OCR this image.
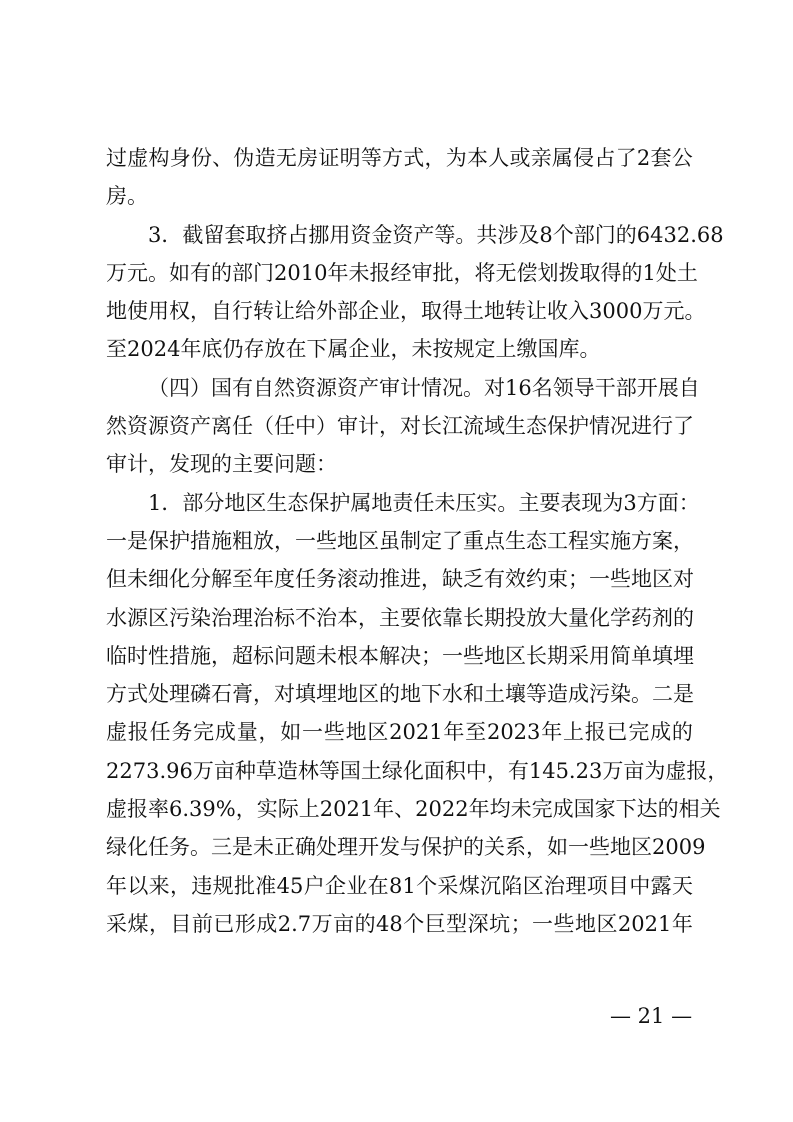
过 虚 构 身 份 、 伪 造 无 房 证 明 等 方 式 ， 为 本 人 或 亲 属 侵 占 了 2 套 公
房。
3 ． 截 留 套 取 挤 占 挪 用 资 金 资 产 等 。 共 涉 及 8 个 部 门 的 6432.68
万 元 。 如 有 的 部 门 2010 年 未 报 经 审 批 ， 将 无 偿 划 拨 取 得 的 1 处 土
地 使 用 权 ， 自 行 转 让 给 外 部 企 业 ， 取 得 土 地 转 让 收 入 3000 万 元 。
至2024年底仍存放在下属企业，未按规定上缴国库。
（ 四 ） 国 有 自 然 资 源 资 产 审 计 情 况 。 对 16 名 领 导 干 部 开 展 自
然 资 源 资 产 离 任 （ 任 中 ） 审 计 ， 对 长 江 流 域 生 态 保 护 情 况 进 行 了
审计，发现的主要问题：
1 ． 部 分 地 区 生 态 保 护 属 地 责 任 未 压 实 。 主 要 表 现 为 3 方 面 ：
一 是 保 护 措 施 粗 放 ， 一 些 地 区 虽 制 定 了 重 点 生 态 工 程 实 施 方 案 ，
但 未 细 化 分 解 至 年 度 任 务 滚 动 推 进 ， 缺 乏 有 效 约 束 ； 一 些 地 区 对
水 源 区 污 染 治 理 治 标 不 治 本 ， 主 要 依 靠 长 期 投 放 大 量 化 学 药 剂 的
临 时 性 措 施 ， 超 标 问 题 未 根 本 解 决 ； 一 些 地 区 长 期 采 用 简 单 填 埋
方 式 处 理 磷 石 膏 ， 对 填 埋 地 区 的 地 下 水 和 土 壤 等 造 成 污 染 。 二 是
虚 报 任 务 完 成 量 ， 如 一 些 地 区 2021 年 至 2023 年 上 报 已 完 成 的
2273.96 万 亩 种 草 造 林 等 国 土 绿 化 面 积 中 ， 有 145.23 万 亩 为 虚 报 ，
虚 报 率 6.39% ， 实 际 上 2021 年 、 2022 年 均 未 完 成 国 家 下 达 的 相 关
绿 化 任 务 。 三 是 未 正 确 处 理 开 发 与 保 护 的 关 系 ， 如 一 些 地 区 2009
年 以 来 ， 违 规 批 准 45 户 企 业 在 81 个 采 煤 沉 陷 区 治 理 项 目 中 露 天
采 煤 ， 目 前 已 形 成 2.7 万 亩 的 48 个 巨 型 深 坑 ； 一 些 地 区 2021 年
— 21 —
